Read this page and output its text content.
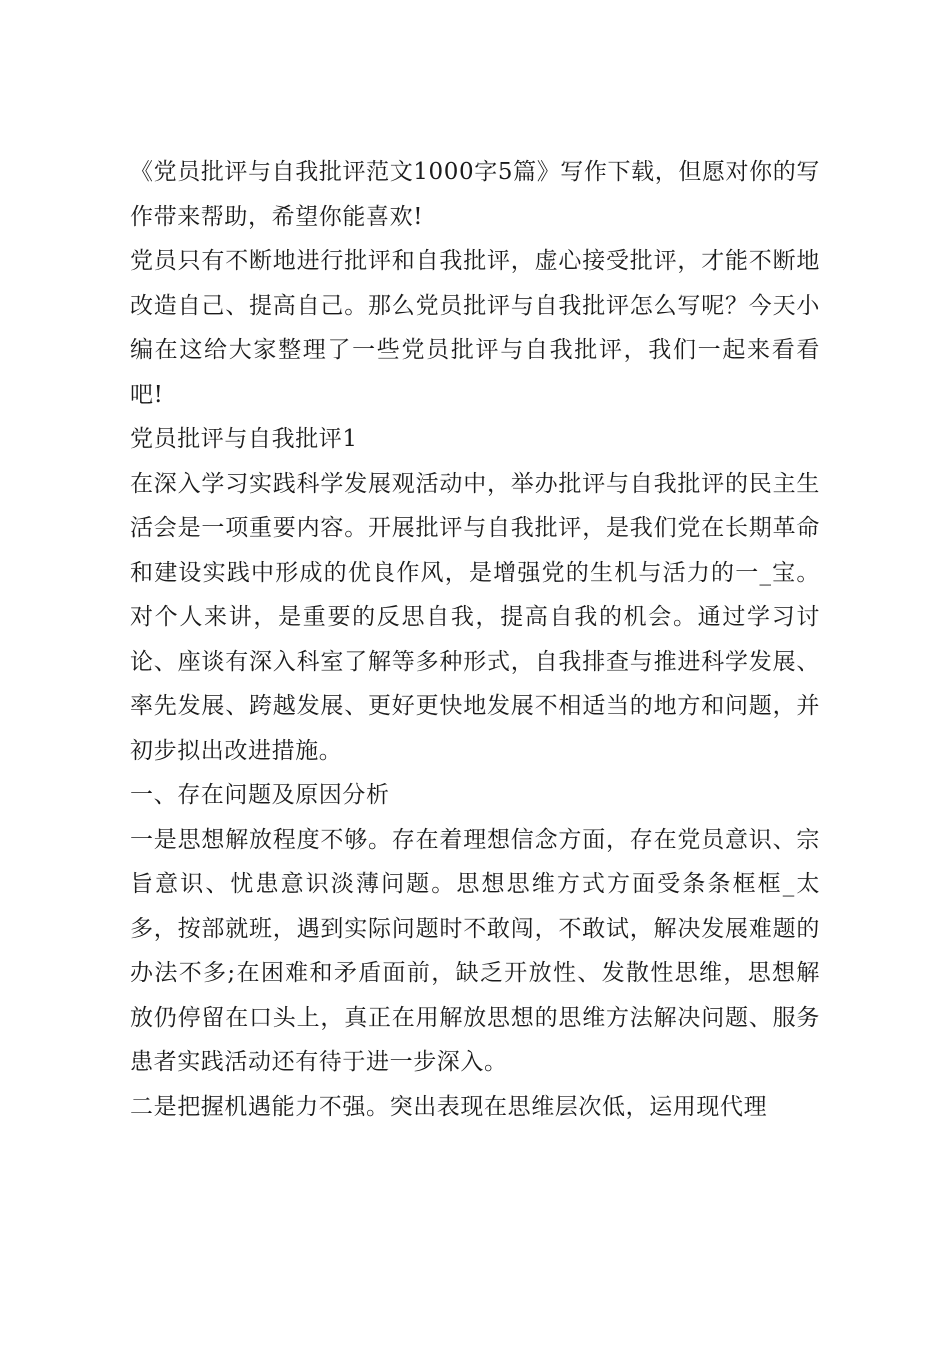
《党员批评与自我批评范文1000字5篇》写作下载，但愿对你的写作带来帮助，希望你能喜欢!

党员只有不断地进行批评和自我批评，虚心接受批评，才能不断地改造自己、提高自己。那么党员批评与自我批评怎么写呢？今天小编在这给大家整理了一些党员批评与自我批评，我们一起来看看吧!

党员批评与自我批评1

在深入学习实践科学发展观活动中，举办批评与自我批评的民主生活会是一项重要内容。开展批评与自我批评，是我们党在长期革命和建设实践中形成的优良作风，是增强党的生机与活力的一_宝。对个人来讲，是重要的反思自我，提高自我的机会。通过学习讨论、座谈有深入科室了解等多种形式，自我排查与推进科学发展、率先发展、跨越发展、更好更快地发展不相适当的地方和问题，并初步拟出改进措施。

一、存在问题及原因分析

一是思想解放程度不够。存在着理想信念方面，存在党员意识、宗旨意识、忧患意识淡薄问题。思想思维方式方面受条条框框_太多，按部就班，遇到实际问题时不敢闯，不敢试，解决发展难题的办法不多;在困难和矛盾面前，缺乏开放性、发散性思维，思想解放仍停留在口头上，真正在用解放思想的思维方法解决问题、服务患者实践活动还有待于进一步深入。

二是把握机遇能力不强。突出表现在思维层次低，运用现代理
